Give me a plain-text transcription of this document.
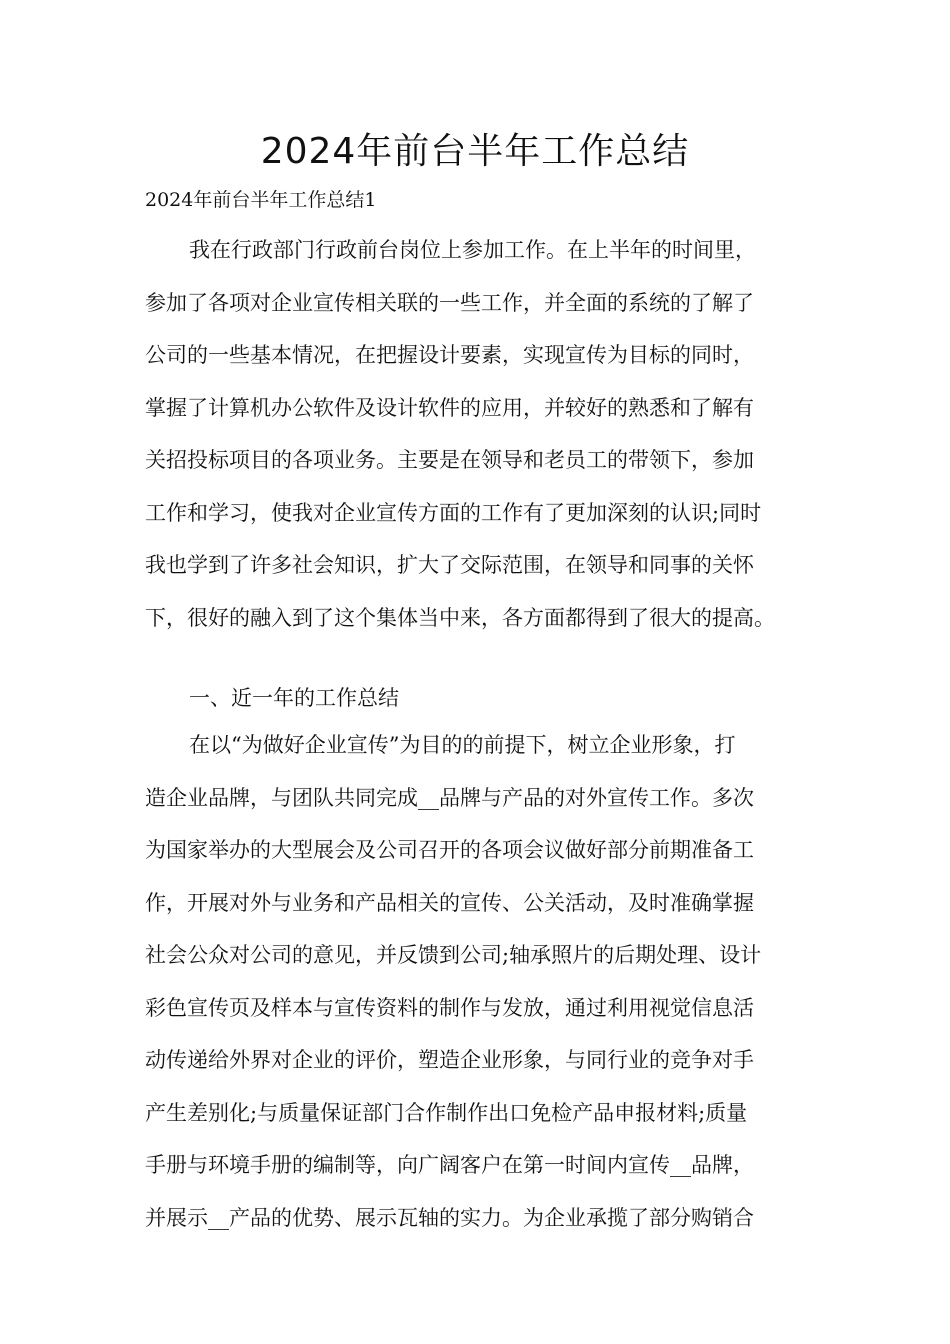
2024年前台半年工作总结
2024年前台半年工作总结1
我在行政部门行政前台岗位上参加工作。在上半年的时间里，
参加了各项对企业宣传相关联的一些工作，并全面的系统的了解了
公司的一些基本情况，在把握设计要素，实现宣传为目标的同时，
掌握了计算机办公软件及设计软件的应用，并较好的熟悉和了解有
关招投标项目的各项业务。主要是在领导和老员工的带领下，参加
工作和学习，使我对企业宣传方面的工作有了更加深刻的认识;同时
我也学到了许多社会知识，扩大了交际范围，在领导和同事的关怀
下，很好的融入到了这个集体当中来，各方面都得到了很大的提高。
一、近一年的工作总结
在以“为做好企业宣传”为目的的前提下，树立企业形象，打
造企业品牌，与团队共同完成__品牌与产品的对外宣传工作。多次
为国家举办的大型展会及公司召开的各项会议做好部分前期准备工
作，开展对外与业务和产品相关的宣传、公关活动，及时准确掌握
社会公众对公司的意见，并反馈到公司;轴承照片的后期处理、设计
彩色宣传页及样本与宣传资料的制作与发放，通过利用视觉信息活
动传递给外界对企业的评价，塑造企业形象，与同行业的竞争对手
产生差别化;与质量保证部门合作制作出口免检产品申报材料;质量
手册与环境手册的编制等，向广阔客户在第一时间内宣传__品牌，
并展示__产品的优势、展示瓦轴的实力。为企业承揽了部分购销合
